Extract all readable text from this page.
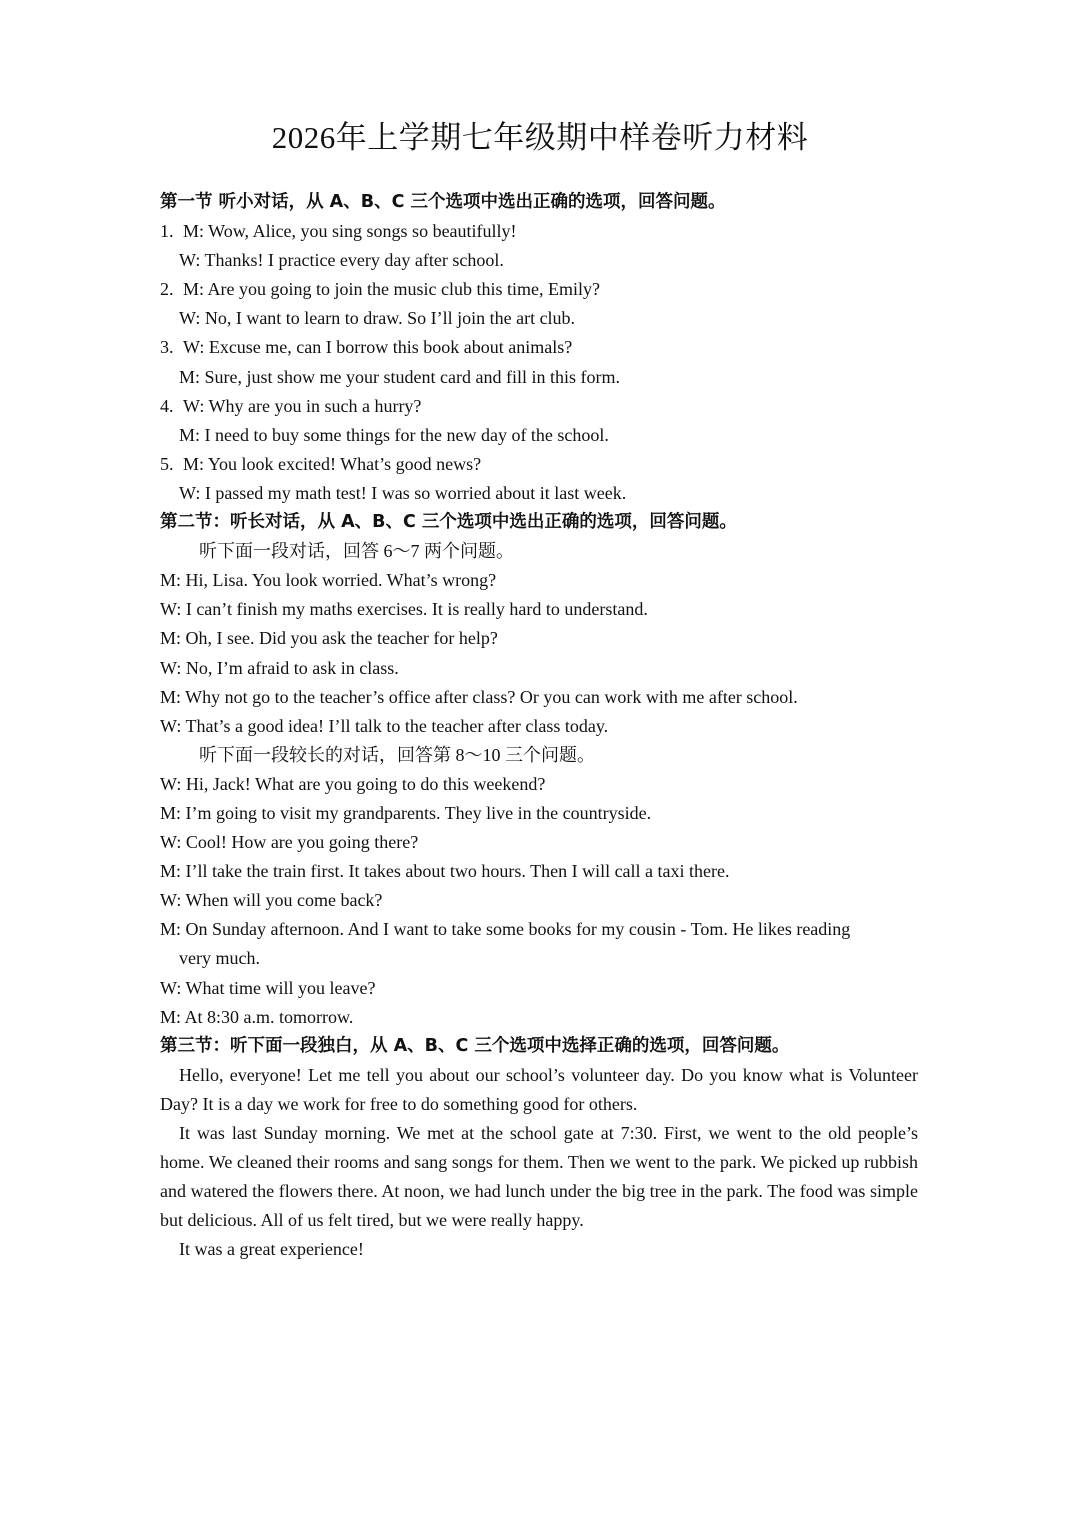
2026年上学期七年级期中样卷听力材料

第一节 听小对话，从 A、B、C 三个选项中选出正确的选项，回答问题。

1. M: Wow, Alice, you sing songs so beautifully!

W: Thanks! I practice every day after school.

2. M: Are you going to join the music club this time, Emily?

W: No, I want to learn to draw. So I’ll join the art club.

3. W: Excuse me, can I borrow this book about animals?

M: Sure, just show me your student card and fill in this form.

4. W: Why are you in such a hurry?

M: I need to buy some things for the new day of the school.

5. M: You look excited! What’s good news?

W: I passed my math test! I was so worried about it last week.

第二节：听长对话，从 A、B、C 三个选项中选出正确的选项，回答问题。

听下面一段对话，回答 6～7 两个问题。

M: Hi, Lisa. You look worried. What’s wrong?

W: I can’t finish my maths exercises. It is really hard to understand.

M: Oh, I see. Did you ask the teacher for help?

W: No, I’m afraid to ask in class.

M: Why not go to the teacher’s office after class? Or you can work with me after school.

W: That’s a good idea! I’ll talk to the teacher after class today.

听下面一段较长的对话，回答第 8～10 三个问题。

W: Hi, Jack! What are you going to do this weekend?

M: I’m going to visit my grandparents. They live in the countryside.

W: Cool! How are you going there?

M: I’ll take the train first. It takes about two hours. Then I will call a taxi there.

W: When will you come back?

M: On Sunday afternoon. And I want to take some books for my cousin - Tom. He likes reading
very much.

W: What time will you leave?

M: At 8:30 a.m. tomorrow.

第三节：听下面一段独白，从 A、B、C 三个选项中选择正确的选项，回答问题。

Hello, everyone! Let me tell you about our school’s volunteer day. Do you know what is Volunteer Day? It is a day we work for free to do something good for others.

It was last Sunday morning. We met at the school gate at 7:30. First, we went to the old people’s home. We cleaned their rooms and sang songs for them. Then we went to the park. We picked up rubbish and watered the flowers there. At noon, we had lunch under the big tree in the park. The food was simple but delicious. All of us felt tired, but we were really happy.

It was a great experience!
